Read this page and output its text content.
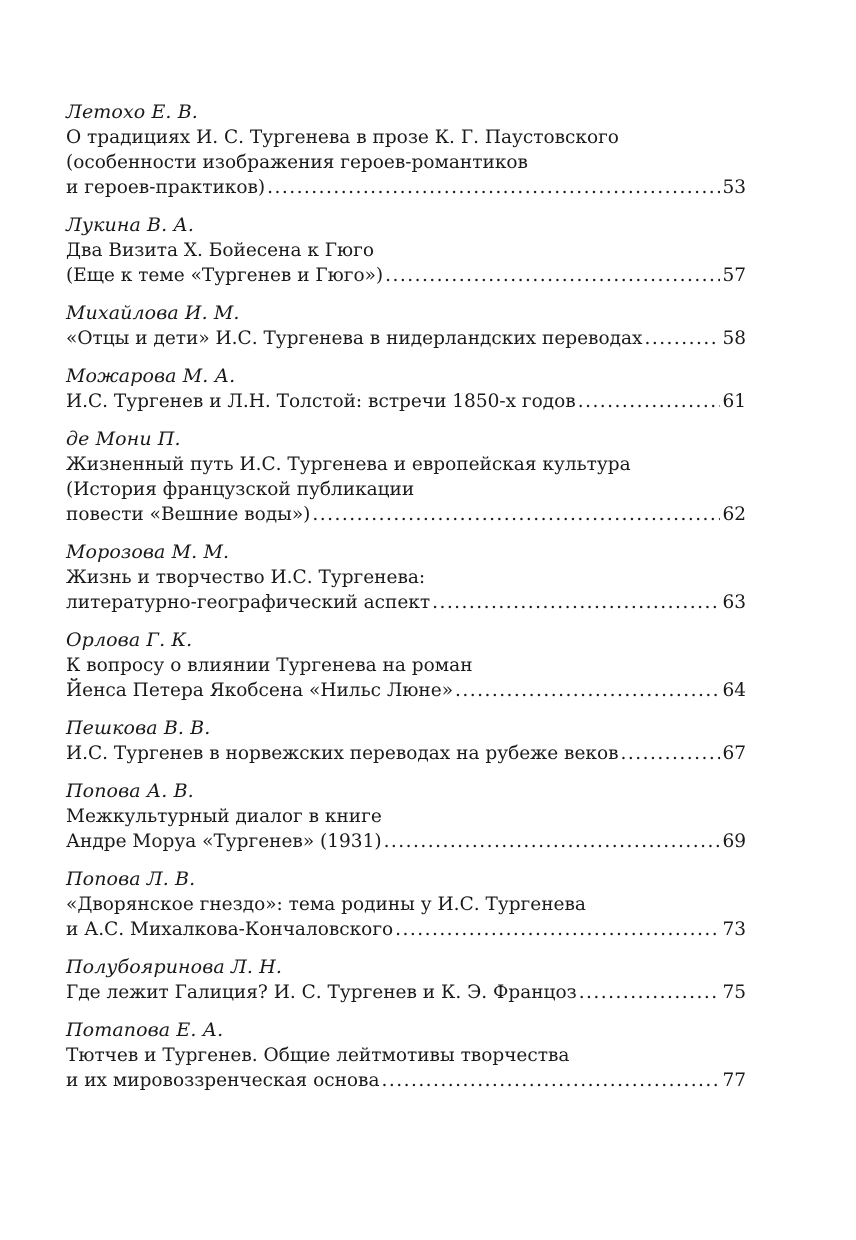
Летохо Е. В.
О традициях И. С. Тургенева в прозе К. Г. Паустовского
(особенности изображения героев-романтиков
и героев-практиков) . . .	53
Лукина В. А.
Два Визита Х. Бойесена к Гюго
(Еще к теме «Тургенев и Гюго») . . .	57
Михайлова И. М.
«Отцы и дети» И.С. Тургенева в нидерландских переводах . . .	58
Можарова М. А.
И.С. Тургенев и Л.Н. Толстой: встречи 1850-х годов . . .	61
де Мони П.
Жизненный путь И.С. Тургенева и европейская культура
(История французской публикации
повести «Вешние воды») . . .	62
Морозова М. М.
Жизнь и творчество И.С. Тургенева:
литературно-географический аспект . . .	63
Орлова Г. К.
К вопросу о влиянии Тургенева на роман
Йенса Петера Якобсена «Нильс Люне» . . .	64
Пешкова В. В.
И.С. Тургенев в норвежских переводах на рубеже веков . . .	67
Попова А. В.
Межкультурный диалог в книге
Андре Моруа «Тургенев» (1931) . . .	69
Попова Л. В.
«Дворянское гнездо»: тема родины у И.С. Тургенева
и А.С. Михалкова-Кончаловского . . .	73
Полубояринова Л. Н.
Где лежит Галиция? И. С. Тургенев и К. Э. Францоз . . .	75
Потапова Е. А.
Тютчев и Тургенев. Общие лейтмотивы творчества
и их мировоззренческая основа . . .	77
